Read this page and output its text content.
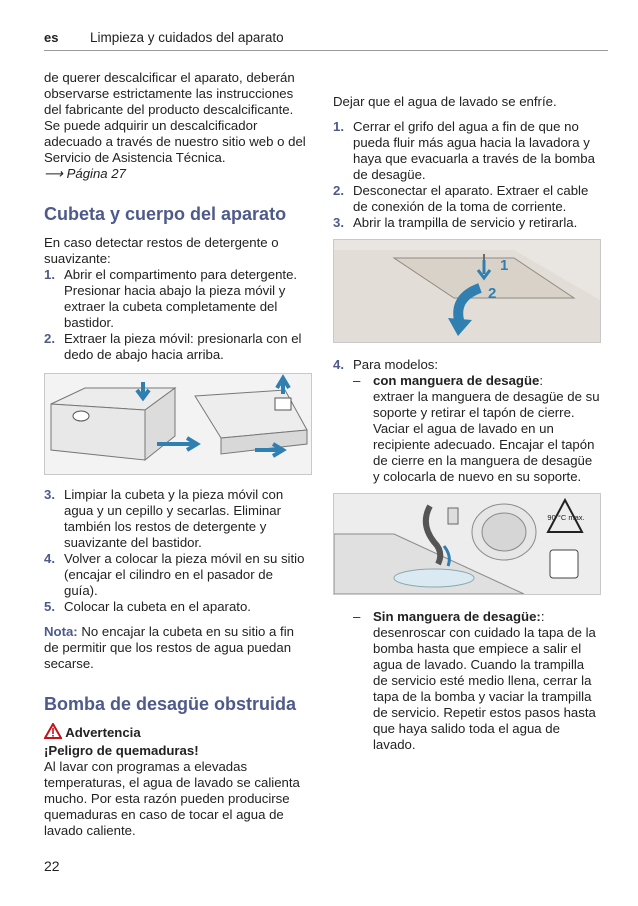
es Limpieza y cuidados del aparato

de querer descalcificar el aparato, deberán observarse estrictamente las instrucciones del fabricante del producto descalcificante. Se puede adquirir un descalcificador adecuado a través de nuestro sitio web o del Servicio de Asistencia Técnica.

⟶ Página 27

Cubeta y cuerpo del aparato

En caso detectar restos de detergente o suavizante:

1. Abrir el compartimento para detergente. Presionar hacia abajo la pieza móvil y extraer la cubeta completamente del bastidor.
2. Extraer la pieza móvil: presionarla con el dedo de abajo hacia arriba.
3. Limpiar la cubeta y la pieza móvil con agua y un cepillo y secarlas. Eliminar también los restos de detergente y suavizante del bastidor.
4. Volver a colocar la pieza móvil en su sitio (encajar el cilindro en el pasador de guía).
5. Colocar la cubeta en el aparato.

Nota: No encajar la cubeta en su sitio a fin de permitir que los restos de agua puedan secarse.

Bomba de desagüe obstruida

Advertencia

¡Peligro de quemaduras!

Al lavar con programas a elevadas temperaturas, el agua de lavado se calienta mucho. Por esta razón pueden producirse quemaduras en caso de tocar el agua de lavado caliente.

Dejar que el agua de lavado se enfríe.

1. Cerrar el grifo del agua a fin de que no pueda fluir más agua hacia la lavadora y haya que evacuarla a través de la bomba de desagüe.
2. Desconectar el aparato. Extraer el cable de conexión de la toma de corriente.
3. Abrir la trampilla de servicio y retirarla.
1
2
4. Para modelos:
– con manguera de desagüe:
extraer la manguera de desagüe de su soporte y retirar el tapón de cierre. Vaciar el agua de lavado en un recipiente adecuado. Encajar el tapón de cierre en la manguera de desagüe y colocarla de nuevo en su soporte.
90 °C max.
– Sin manguera de desagüe::
desenroscar con cuidado la tapa de la bomba hasta que empiece a salir el agua de lavado. Cuando la trampilla de servicio esté medio llena, cerrar la tapa de la bomba y vaciar la trampilla de servicio. Repetir estos pasos hasta que haya salido toda el agua de lavado.
22
